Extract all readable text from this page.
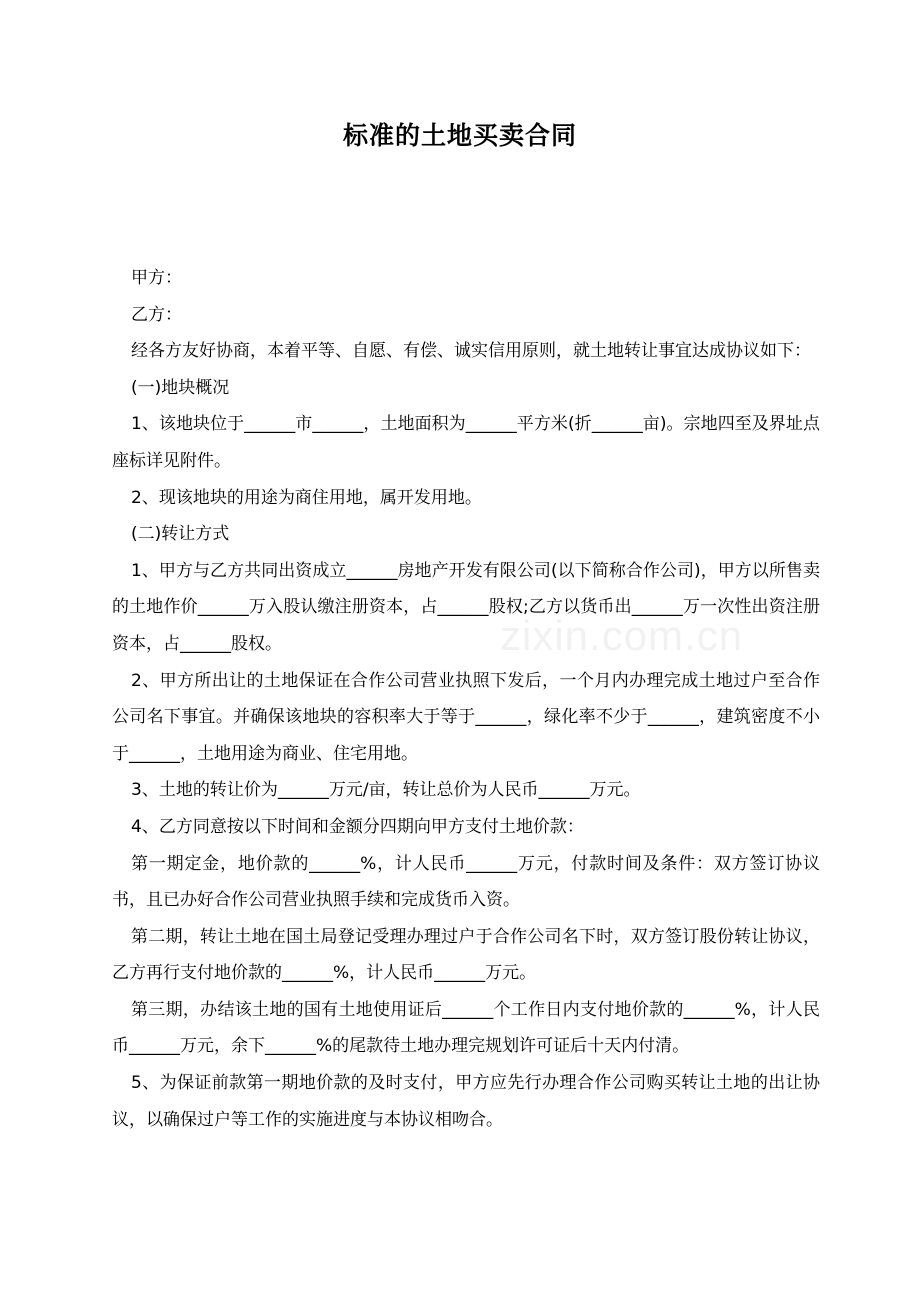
标准的土地买卖合同

甲方：

乙方：

经各方友好协商，本着平等、自愿、有偿、诚实信用原则，就土地转让事宜达成协议如下：

(一)地块概况

1、该地块位于______市______，土地面积为______平方米(折______亩)。宗地四至及界址点座标详见附件。

2、现该地块的用途为商住用地，属开发用地。

(二)转让方式

1、甲方与乙方共同出资成立______房地产开发有限公司(以下简称合作公司)，甲方以所售卖的土地作价______万入股认缴注册资本，占______股权;乙方以货币出______万一次性出资注册资本，占______股权。

2、甲方所出让的土地保证在合作公司营业执照下发后，一个月内办理完成土地过户至合作公司名下事宜。并确保该地块的容积率大于等于______，绿化率不少于______，建筑密度不小于______，土地用途为商业、住宅用地。

3、土地的转让价为______万元/亩，转让总价为人民币______万元。

4、乙方同意按以下时间和金额分四期向甲方支付土地价款：

第一期定金，地价款的______%，计人民币______万元，付款时间及条件：双方签订协议书，且已办好合作公司营业执照手续和完成货币入资。

第二期，转让土地在国土局登记受理办理过户于合作公司名下时，双方签订股份转让协议，乙方再行支付地价款的______%，计人民币______万元。

第三期，办结该土地的国有土地使用证后______个工作日内支付地价款的______%，计人民币______万元，余下______%的尾款待土地办理完规划许可证后十天内付清。

5、为保证前款第一期地价款的及时支付，甲方应先行办理合作公司购买转让土地的出让协议，以确保过户等工作的实施进度与本协议相吻合。

zixin.com.cn
